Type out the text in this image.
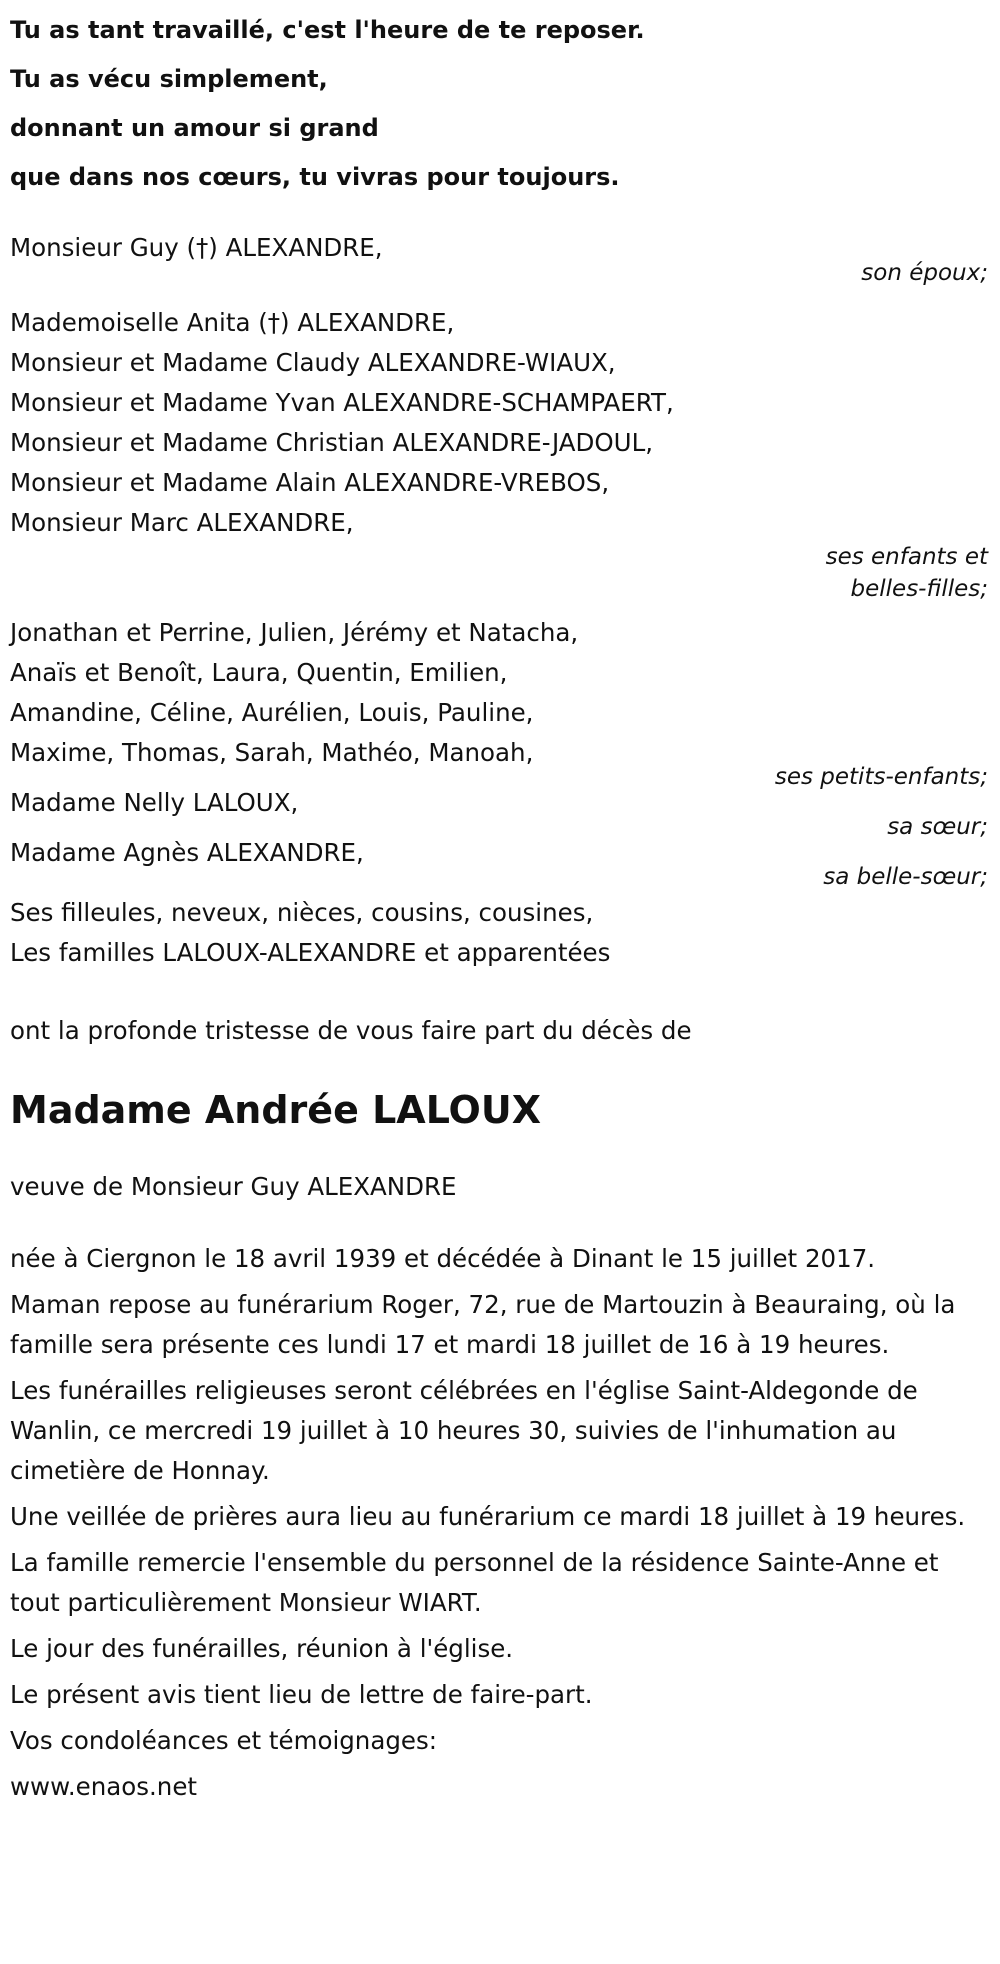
Tu as tant travaillé, c'est l'heure de te reposer.
Tu as vécu simplement,
donnant un amour si grand
que dans nos cœurs, tu vivras pour toujours.
Monsieur Guy (†) ALEXANDRE,
son époux;
Mademoiselle Anita (†) ALEXANDRE,
Monsieur et Madame Claudy ALEXANDRE-WIAUX,
Monsieur et Madame Yvan ALEXANDRE-SCHAMPAERT,
Monsieur et Madame Christian ALEXANDRE-JADOUL,
Monsieur et Madame Alain ALEXANDRE-VREBOS,
Monsieur Marc ALEXANDRE,
ses enfants et
belles-filles;
Jonathan et Perrine, Julien, Jérémy et Natacha,
Anaïs et Benoît, Laura, Quentin, Emilien,
Amandine, Céline, Aurélien, Louis, Pauline,
Maxime, Thomas, Sarah, Mathéo, Manoah,
ses petits-enfants;
Madame Nelly LALOUX,
sa sœur;
Madame Agnès ALEXANDRE,
sa belle-sœur;
Ses filleules, neveux, nièces, cousins, cousines,
Les familles LALOUX-ALEXANDRE et apparentées
ont la profonde tristesse de vous faire part du décès de
Madame Andrée LALOUX
veuve de Monsieur Guy ALEXANDRE
née à Ciergnon le 18 avril 1939 et décédée à Dinant le 15 juillet 2017.
Maman repose au funérarium Roger, 72, rue de Martouzin à Beauraing, où la famille sera présente ces lundi 17 et mardi 18 juillet de 16 à 19 heures.
Les funérailles religieuses seront célébrées en l'église Saint-Aldegonde de Wanlin, ce mercredi 19 juillet à 10 heures 30, suivies de l'inhumation au cimetière de Honnay.
Une veillée de prières aura lieu au funérarium ce mardi 18 juillet à 19 heures.
La famille remercie l'ensemble du personnel de la résidence Sainte-Anne et tout particulièrement Monsieur WIART.
Le jour des funérailles, réunion à l'église.
Le présent avis tient lieu de lettre de faire-part.
Vos condoléances et témoignages:
www.enaos.net
